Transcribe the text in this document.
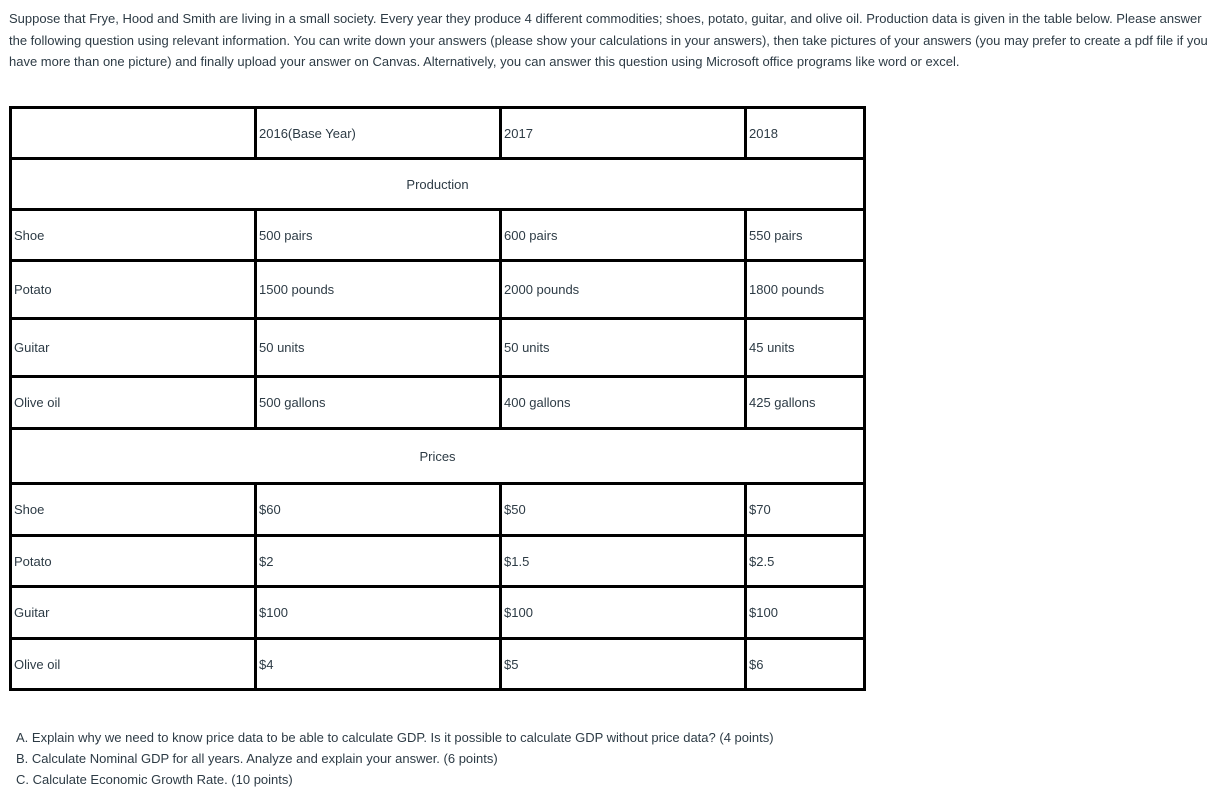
Suppose that Frye, Hood and Smith are living in a small society. Every year they produce 4 different commodities; shoes, potato, guitar, and olive oil. Production data is given in the table below. Please answer the following question using relevant information. You can write down your answers (please show your calculations in your answers), then take pictures of your answers (you may prefer to create a pdf file if you have more than one picture) and finally upload your answer on Canvas. Alternatively, you can answer this question using Microsoft office programs like word or excel.

	2016(Base Year)	2017	2018
Production			
Shoe	500 pairs	600 pairs	550 pairs
Potato	1500 pounds	2000 pounds	1800 pounds
Guitar	50 units	50 units	45 units
Olive oil	500 gallons	400 gallons	425 gallons
Prices			
Shoe	$60	$50	$70
Potato	$2	$1.5	$2.5
Guitar	$100	$100	$100
Olive oil	$4	$5	$6
A. Explain why we need to know price data to be able to calculate GDP. Is it possible to calculate GDP without price data? (4 points)
B. Calculate Nominal GDP for all years. Analyze and explain your answer. (6 points)
C. Calculate Economic Growth Rate. (10 points)
